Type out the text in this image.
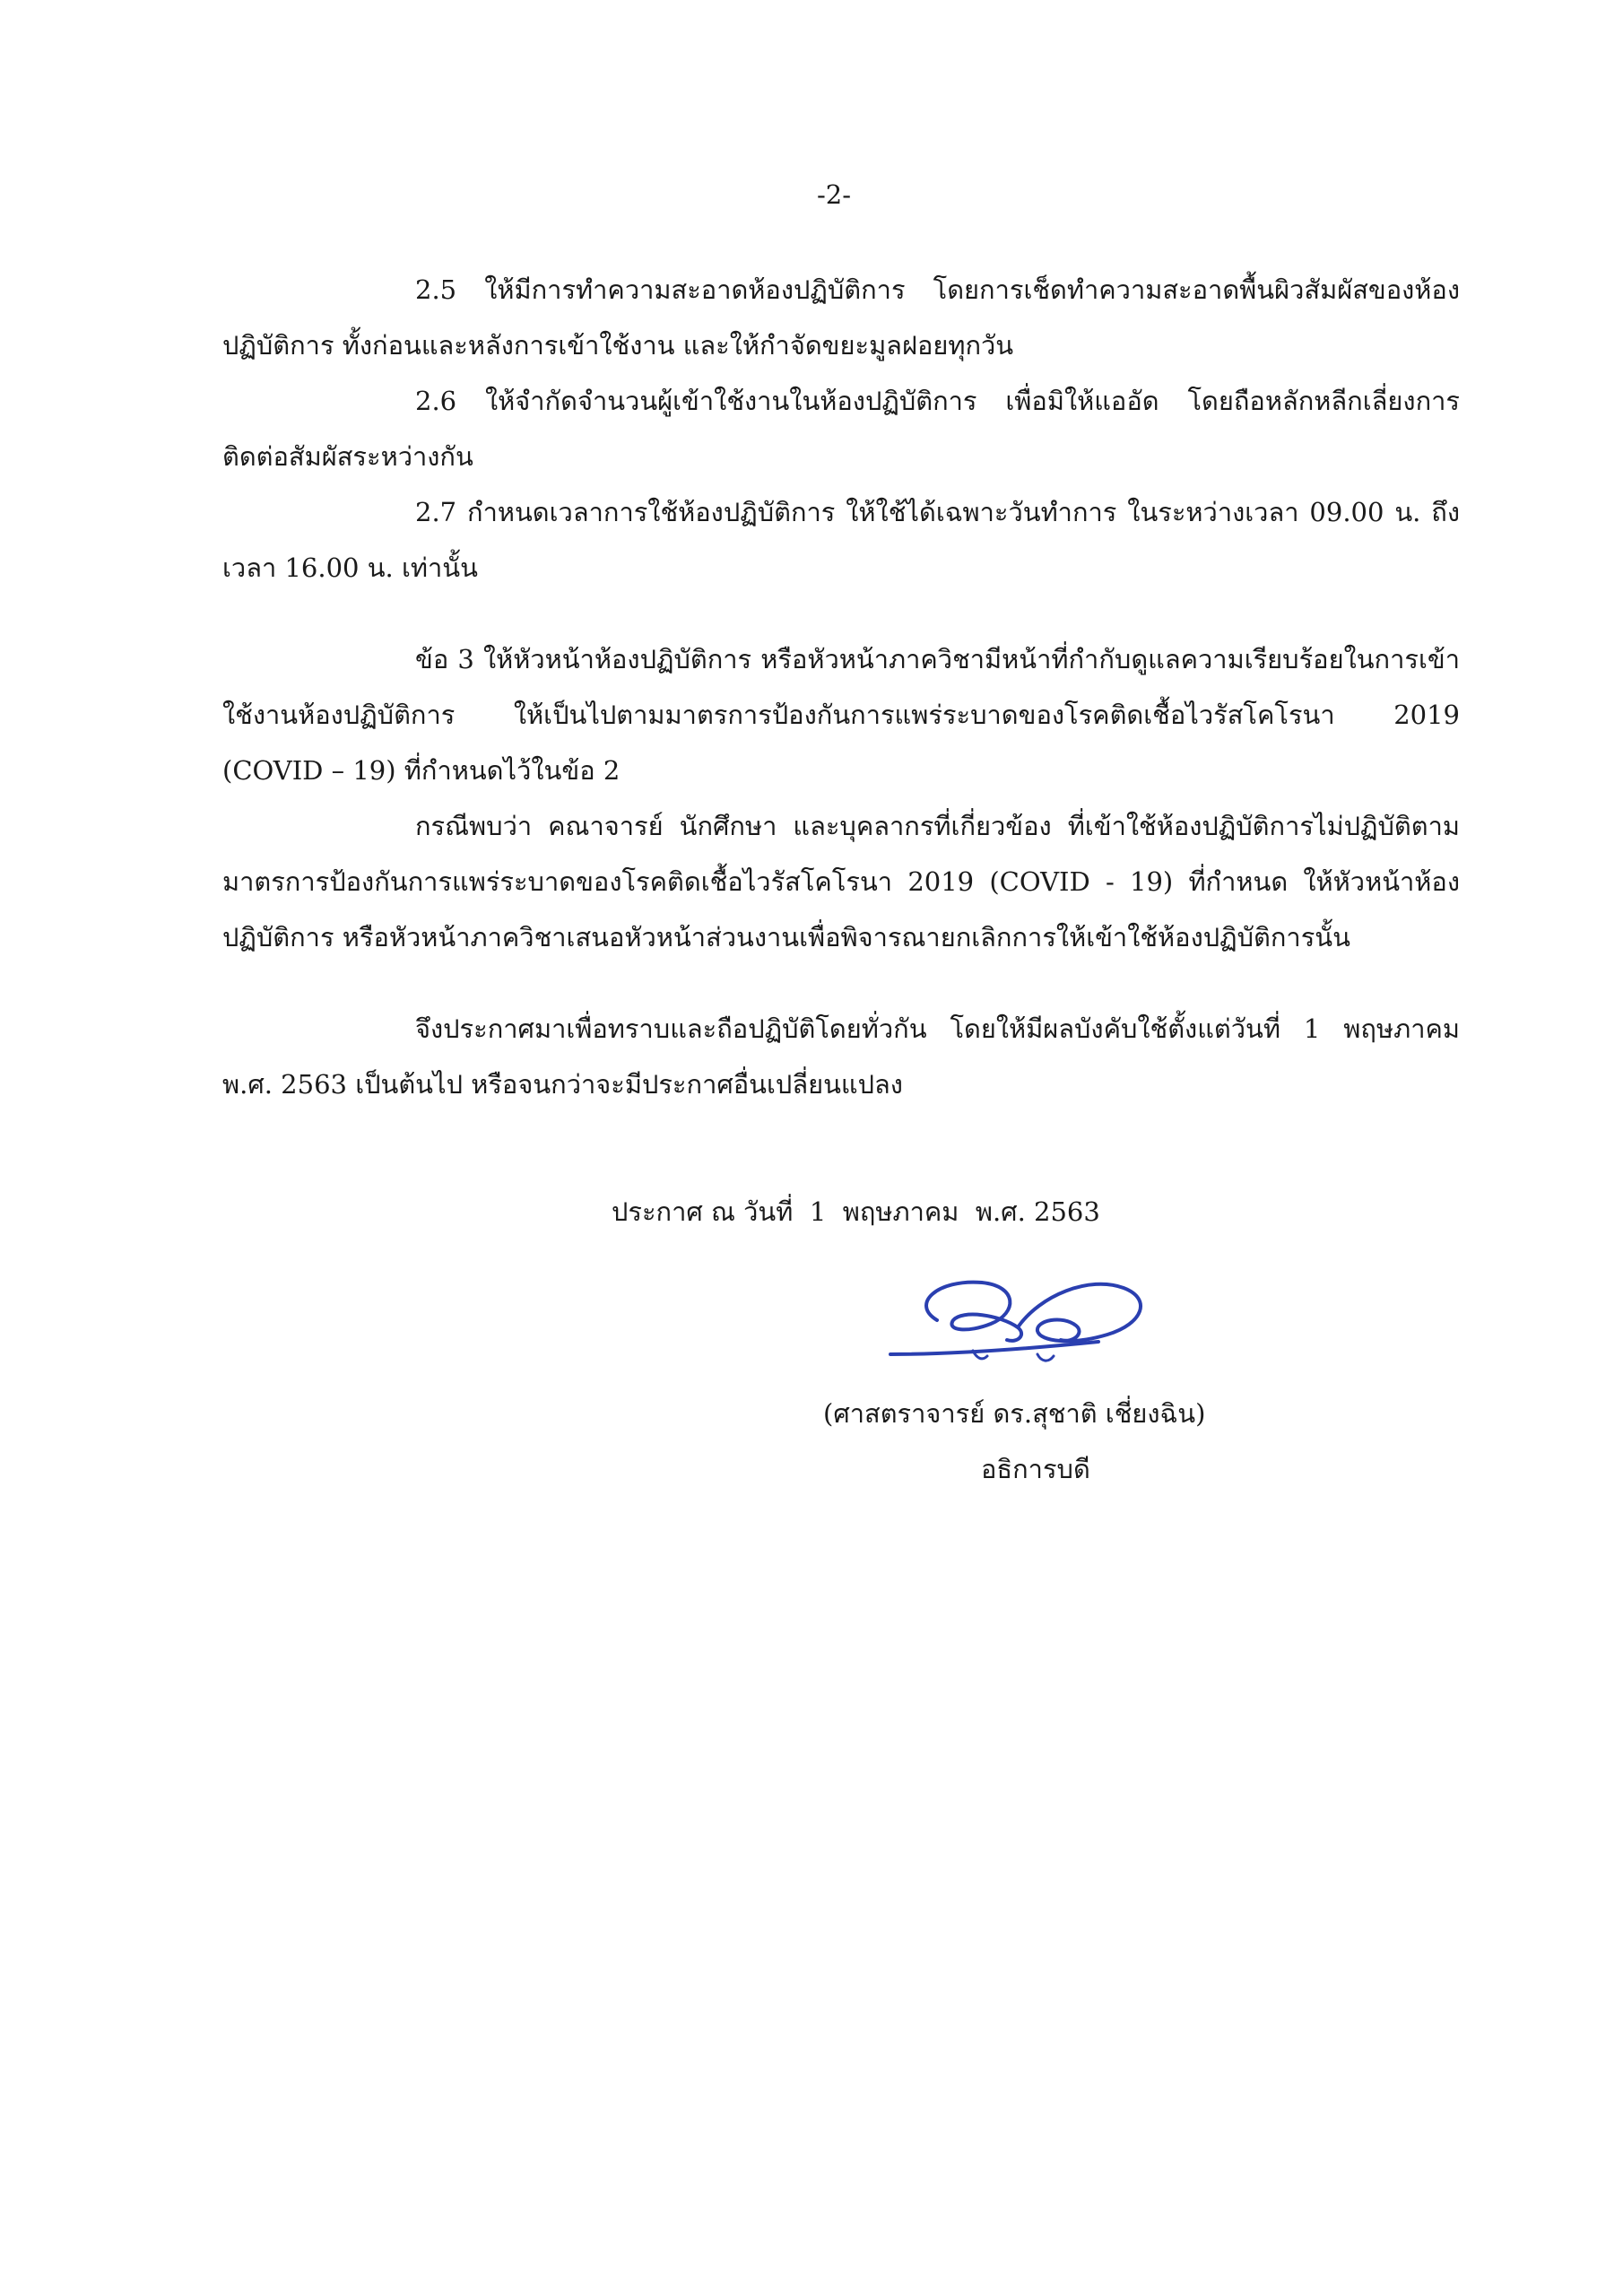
-2-

2.5 ให้มีการทำความสะอาดห้องปฏิบัติการ โดยการเช็ดทำความสะอาดพื้นผิวสัมผัสของห้องปฏิบัติการ ทั้งก่อนและหลังการเข้าใช้งาน และให้กำจัดขยะมูลฝอยทุกวัน

2.6 ให้จำกัดจำนวนผู้เข้าใช้งานในห้องปฏิบัติการ เพื่อมิให้แออัด โดยถือหลักหลีกเลี่ยงการติดต่อสัมผัสระหว่างกัน

2.7 กำหนดเวลาการใช้ห้องปฏิบัติการ ให้ใช้ได้เฉพาะวันทำการ ในระหว่างเวลา 09.00 น. ถึงเวลา 16.00 น. เท่านั้น

ข้อ 3 ให้หัวหน้าห้องปฏิบัติการ หรือหัวหน้าภาควิชามีหน้าที่กำกับดูแลความเรียบร้อยในการเข้าใช้งานห้องปฏิบัติการ ให้เป็นไปตามมาตรการป้องกันการแพร่ระบาดของโรคติดเชื้อไวรัสโคโรนา 2019 (COVID – 19) ที่กำหนดไว้ในข้อ 2

กรณีพบว่า คณาจารย์ นักศึกษา และบุคลากรที่เกี่ยวข้อง ที่เข้าใช้ห้องปฏิบัติการไม่ปฏิบัติตามมาตรการป้องกันการแพร่ระบาดของโรคติดเชื้อไวรัสโคโรนา 2019 (COVID - 19) ที่กำหนด ให้หัวหน้าห้องปฏิบัติการ หรือหัวหน้าภาควิชาเสนอหัวหน้าส่วนงานเพื่อพิจารณายกเลิกการให้เข้าใช้ห้องปฏิบัติการนั้น

จึงประกาศมาเพื่อทราบและถือปฏิบัติโดยทั่วกัน โดยให้มีผลบังคับใช้ตั้งแต่วันที่ 1 พฤษภาคม พ.ศ. 2563 เป็นต้นไป หรือจนกว่าจะมีประกาศอื่นเปลี่ยนแปลง

ประกาศ ณ วันที่  1  พฤษภาคม  พ.ศ. 2563
(ศาสตราจารย์ ดร.สุชาติ เชี่ยงฉิน)
อธิการบดี
